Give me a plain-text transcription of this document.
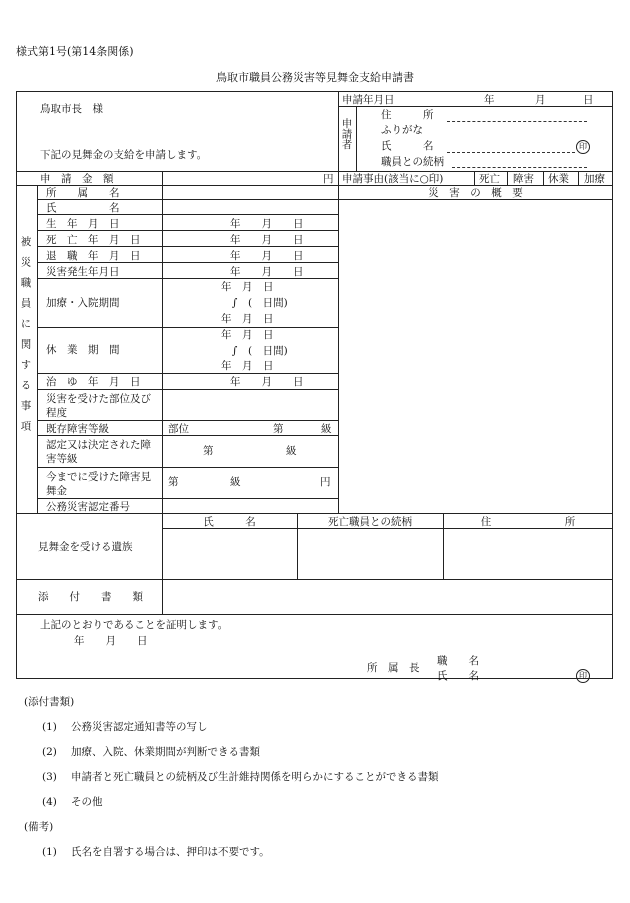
様式第1号(第14条関係)
鳥取市職員公務災害等見舞金支給申請書
鳥取市長　様
下記の見舞金の支給を申請します。
申請年月日	年	月	日
申請者
住　　　所
ふりがな
氏　　　名	印
職員との続柄
申　請　金　額	円 申請事由(該当に○印)	死亡 障害 休業 加療
被災職員に関する事項
災　害　の　概　要
所　　属　　名
氏　　　　　名
生　年　月　日	年　　月　　日
死　亡　年　月　日	年　　月　　日
退　職　年　月　日	年　　月　　日
災害発生年月日	年　　月　　日
加療・入院期間
年　月　日
∫　(　日間)
年　月　日
休　業　期　間
年　月　日
∫　(　日間)
年　月　日
治　ゆ　年　月　日	年　　月　　日
災害を受けた部位及び程度
既存障害等級	部位	第	級
認定又は決定された障害等級
第	級
今までに受けた障害見舞金
第	級	円
公務災害認定番号
見舞金を受ける遺族
氏　　　名	死亡職員との続柄	住　　　　　　　所
添　　付　　書　　類
上記のとおりであることを証明します。
年　　月　　日
所　属　長
職　　名
氏　　名	印
(添付書類)
(1) 公務災害認定通知書等の写し
(2) 加療、入院、休業期間が判断できる書類
(3) 申請者と死亡職員との続柄及び生計維持関係を明らかにすることができる書類
(4) その他
(備考)
(1) 氏名を自署する場合は、押印は不要です。
